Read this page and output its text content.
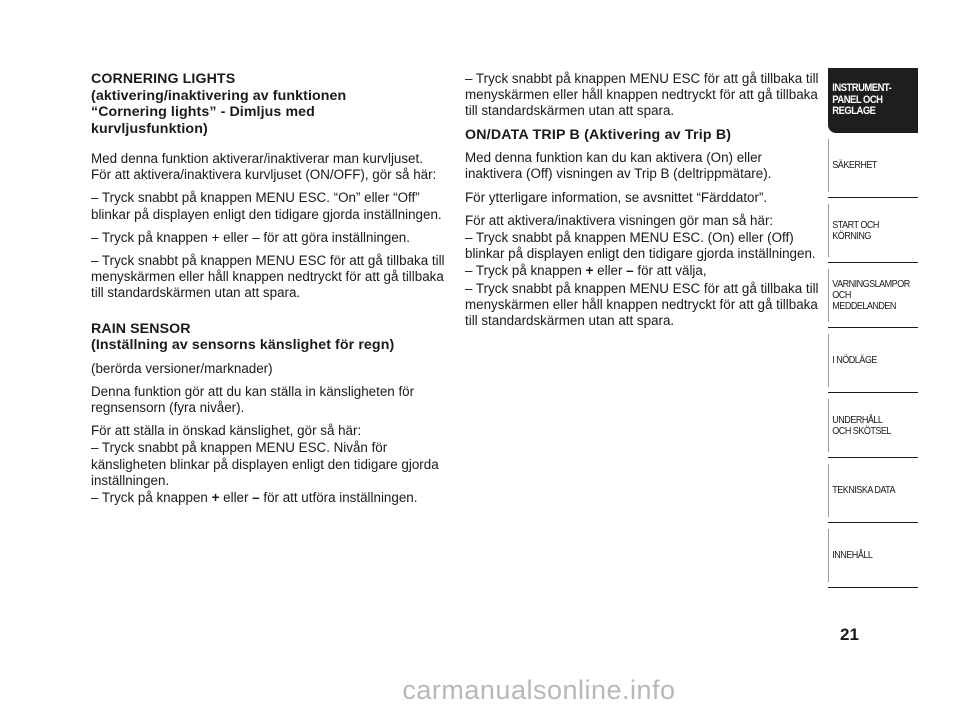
CORNERING LIGHTS
(aktivering/inaktivering av funktionen
“Cornering lights” - Dimljus med
kurvljusfunktion)

Med denna funktion aktiverar/inaktiverar man kurvljuset. För att aktivera/inaktivera kurvljuset (ON/OFF), gör så här:

– Tryck snabbt på knappen MENU ESC. “On” eller “Off” blinkar på displayen enligt den tidigare gjorda inställningen.

– Tryck på knappen + eller – för att göra inställningen.

– Tryck snabbt på knappen MENU ESC för att gå tillbaka till menyskärmen eller håll knappen nedtryckt för att gå tillbaka till standardskärmen utan att spara.

RAIN SENSOR
(Inställning av sensorns känslighet för regn)

(berörda versioner/marknader)

Denna funktion gör att du kan ställa in känsligheten för regnsensorn (fyra nivåer).

För att ställa in önskad känslighet, gör så här:

– Tryck snabbt på knappen MENU ESC. Nivån för känsligheten blinkar på displayen enligt den tidigare gjorda inställningen.

– Tryck på knappen + eller – för att utföra inställningen.

– Tryck snabbt på knappen MENU ESC för att gå tillbaka till menyskärmen eller håll knappen nedtryckt för att gå tillbaka till standardskärmen utan att spara.

ON/DATA TRIP B (Aktivering av Trip B)

Med denna funktion kan du kan aktivera (On) eller inaktivera (Off) visningen av Trip B (deltrippmätare).

För ytterligare information, se avsnittet “Färddator”.

För att aktivera/inaktivera visningen gör man så här:

– Tryck snabbt på knappen MENU ESC. (On) eller (Off) blinkar på displayen enligt den tidigare gjorda inställningen.

– Tryck på knappen + eller – för att välja,

– Tryck snabbt på knappen MENU ESC för att gå tillbaka till menyskärmen eller håll knappen nedtryckt för att gå tillbaka till standardskärmen utan att spara.

INSTRUMENT-
PANEL OCH
REGLAGE
SÄKERHET
START OCH
KÖRNING
VARNINGSLAMPOR
OCH
MEDDELANDEN
I NÖDLÄGE
UNDERHÅLL
OCH SKÖTSEL
TEKNISKA DATA
INNEHÅLL
21
carmanualsonline.info
